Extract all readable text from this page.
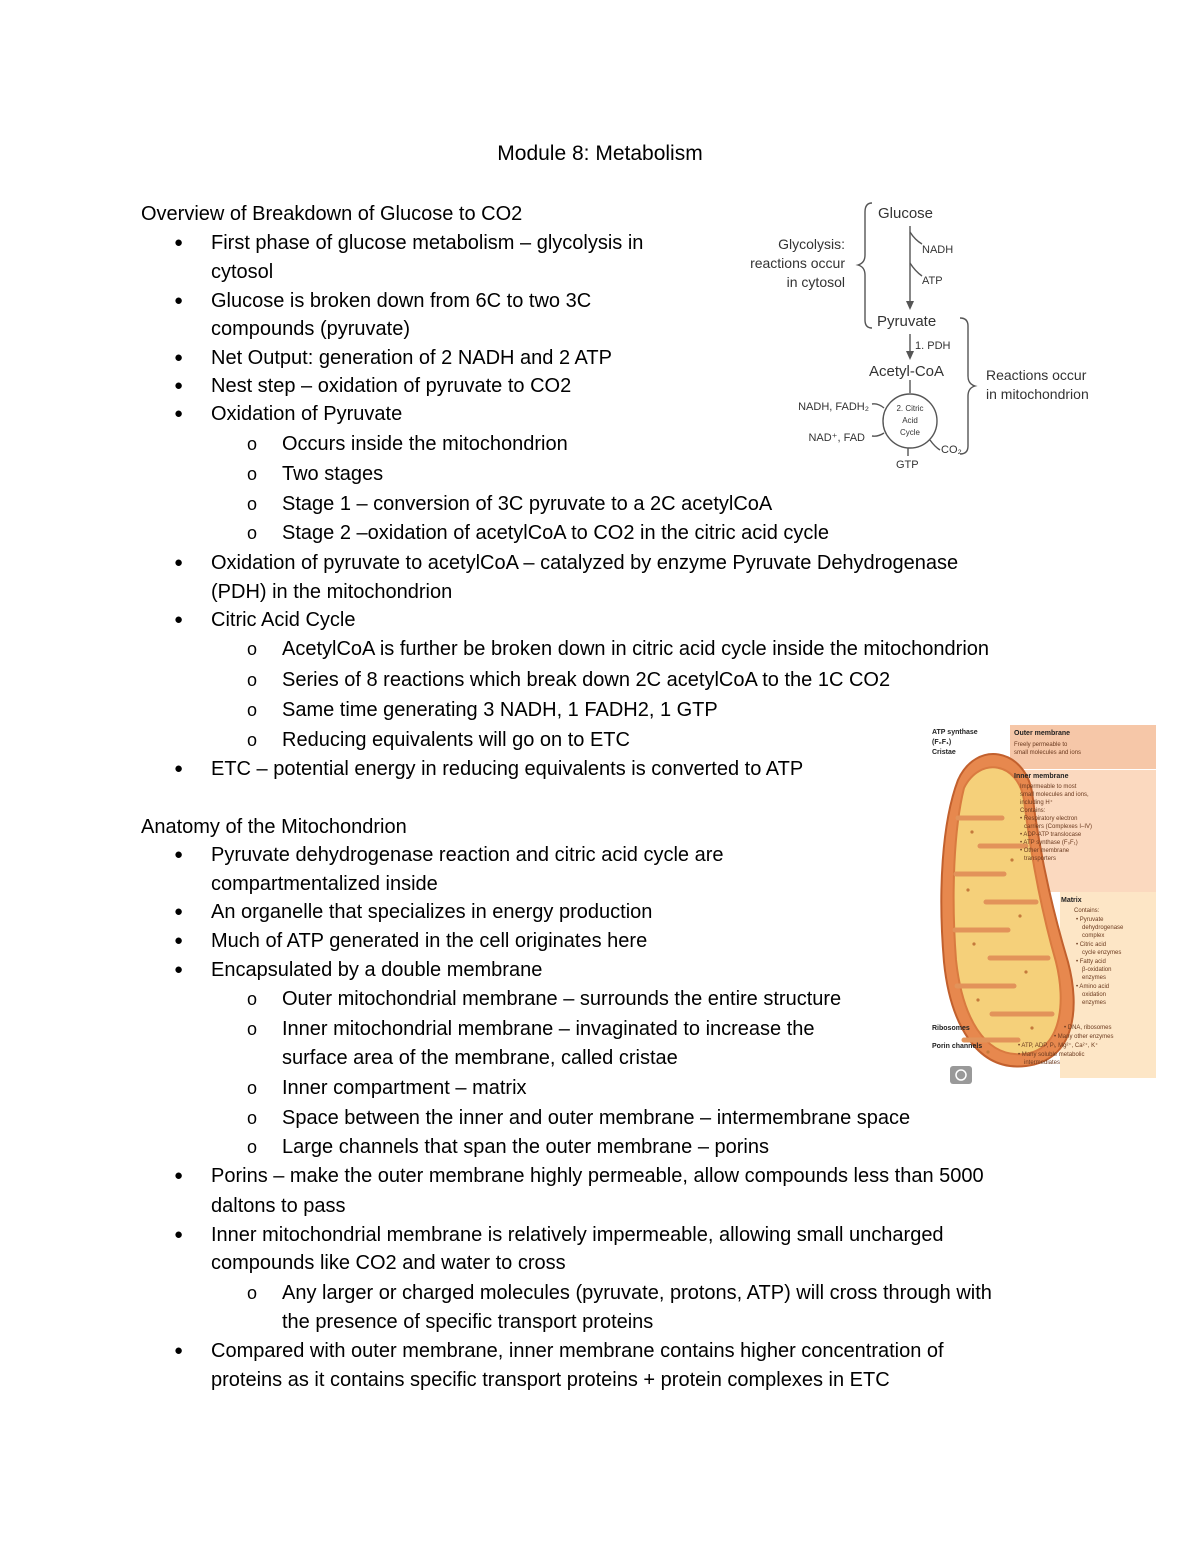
Module 8: Metabolism
Overview of Breakdown of Glucose to CO2
● First phase of glucose metabolism – glycolysis in
cytosol
● Glucose is broken down from 6C to two 3C
compounds (pyruvate)
● Net Output: generation of 2 NADH and 2 ATP
● Nest step – oxidation of pyruvate to CO2
● Oxidation of Pyruvate
o Occurs inside the mitochondrion
o Two stages
o Stage 1 – conversion of 3C pyruvate to a 2C acetylCoA
o Stage 2 –oxidation of acetylCoA to CO2 in the citric acid cycle
● Oxidation of pyruvate to acetylCoA – catalyzed by enzyme Pyruvate Dehydrogenase
(PDH) in the mitochondrion
● Citric Acid Cycle
o AcetylCoA is further be broken down in citric acid cycle inside the mitochondrion
o Series of 8 reactions which break down 2C acetylCoA to the 1C CO2
o Same time generating 3 NADH, 1 FADH2, 1 GTP
o Reducing equivalents will go on to ETC
● ETC – potential energy in reducing equivalents is converted to ATP
Anatomy of the Mitochondrion
● Pyruvate dehydrogenase reaction and citric acid cycle are
compartmentalized inside
● An organelle that specializes in energy production
● Much of ATP generated in the cell originates here
● Encapsulated by a double membrane
o Outer mitochondrial membrane – surrounds the entire structure
o Inner mitochondrial membrane – invaginated to increase the
surface area of the membrane, called cristae
o Inner compartment – matrix
o Space between the inner and outer membrane – intermembrane space
o Large channels that span the outer membrane – porins
● Porins – make the outer membrane highly permeable, allow compounds less than 5000
daltons to pass
● Inner mitochondrial membrane is relatively impermeable, allowing small uncharged
compounds like CO2 and water to cross
o Any larger or charged molecules (pyruvate, protons, ATP) will cross through with
the presence of specific transport proteins
● Compared with outer membrane, inner membrane contains higher concentration of
proteins as it contains specific transport proteins + protein complexes in ETC
Glucose
Pyruvate
Acetyl-CoA
Glycolysis:
reactions occur
in cytosol
Reactions occur
in mitochondrion
NADH
ATP
1. PDH
NADH, FADH₂
NAD⁺, FAD
CO₂
GTP
2. Citric
Acid
Cycle
ATP synthase
(F₀F₁)
Cristae
Outer membrane
Inner membrane
Matrix
Ribosomes
Porin channels
Freely permeable to
small molecules and ions
Impermeable to most
small molecules and ions,
including H⁺
Contains:
• Respiratory electron
carriers (Complexes I–IV)
• ADP-ATP translocase
• ATP synthase (F₀F₁)
• Other membrane
transporters
Contains:
• Pyruvate
dehydrogenase
complex
• Citric acid
cycle enzymes
• Fatty acid
β-oxidation
enzymes
• Amino acid
oxidation
enzymes
• DNA, ribosomes
• Many other enzymes
• ATP, ADP, Pᵢ, Mg²⁺, Ca²⁺, K⁺
• Many soluble metabolic
intermediates
